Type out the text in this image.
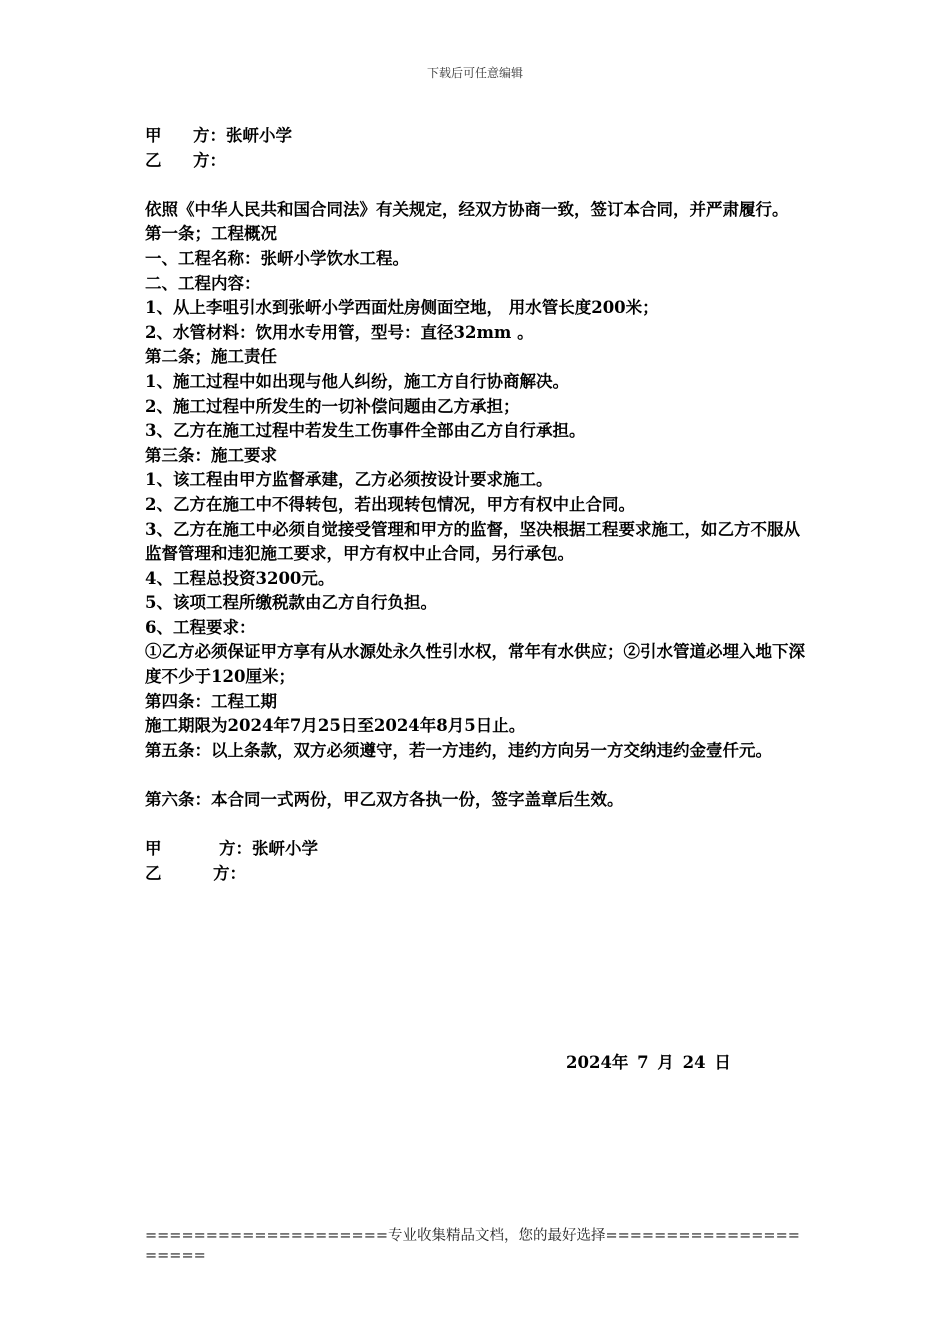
下载后可任意编辑

甲 方：张岍小学

乙 方：

依照《中华人民共和国合同法》有关规定，经双方协商一致，签订本合同，并严肃履行。

第一条；工程概况

一、工程名称：张岍小学饮水工程。

二、工程内容：

1、从上李咀引水到张岍小学西面灶房侧面空地， 用水管长度200米；

2、水管材料：饮用水专用管，型号：直径32mm 。

第二条；施工责任

1、施工过程中如出现与他人纠纷，施工方自行协商解决。

2、施工过程中所发生的一切补偿问题由乙方承担；

3、乙方在施工过程中若发生工伤事件全部由乙方自行承担。

第三条：施工要求

1、该工程由甲方监督承建，乙方必须按设计要求施工。

2、乙方在施工中不得转包，若出现转包情况，甲方有权中止合同。

3、乙方在施工中必须自觉接受管理和甲方的监督，坚决根据工程要求施工，如乙方不服从监督管理和违犯施工要求，甲方有权中止合同，另行承包。

4、工程总投资3200元。

5、该项工程所缴税款由乙方自行负担。

6、工程要求：

①乙方必须保证甲方享有从水源处永久性引水权，常年有水供应；②引水管道必埋入地下深度不少于120厘米；

第四条：工程工期

施工期限为2024年7月25日至2024年8月5日止。

第五条：以上条款，双方必须遵守，若一方违约，违约方向另一方交纳违约金壹仟元。

第六条：本合同一式两份，甲乙双方各执一份，签字盖章后生效。

甲	方：张岍小学

乙	方：

2024年 7 月 24 日
====================专业收集精品文档，您的最好选择=====================
